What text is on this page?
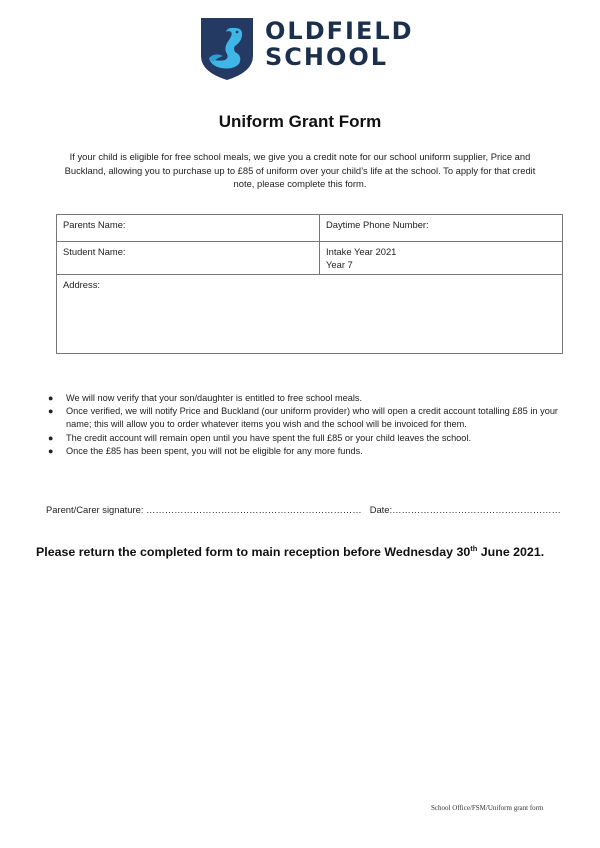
OLDFIELD
SCHOOL
Uniform Grant Form
If your child is eligible for free school meals, we give you a credit note for our school uniform supplier, Price and Buckland, allowing you to purchase up to £85 of uniform over your child’s life at the school. To apply for that credit note, please complete this form.
Parents Name:	Daytime Phone Number:
Student Name:	Intake Year 2021
Year 7

Address:	
● We will now verify that your son/daughter is entitled to free school meals.
● Once verified, we will notify Price and Buckland (our uniform provider) who will open a credit account totalling £85 in your name; this will allow you to order whatever items you wish and the school will be invoiced for them.
● The credit account will remain open until you have spent the full £85 or your child leaves the school.
● Once the £85 has been spent, you will not be eligible for any more funds.
Parent/Carer signature: …………………………………………………………… Date:………………………………………………
Please return the completed form to main reception before Wednesday 30th June 2021.
School Office/FSM/Uniform grant form
